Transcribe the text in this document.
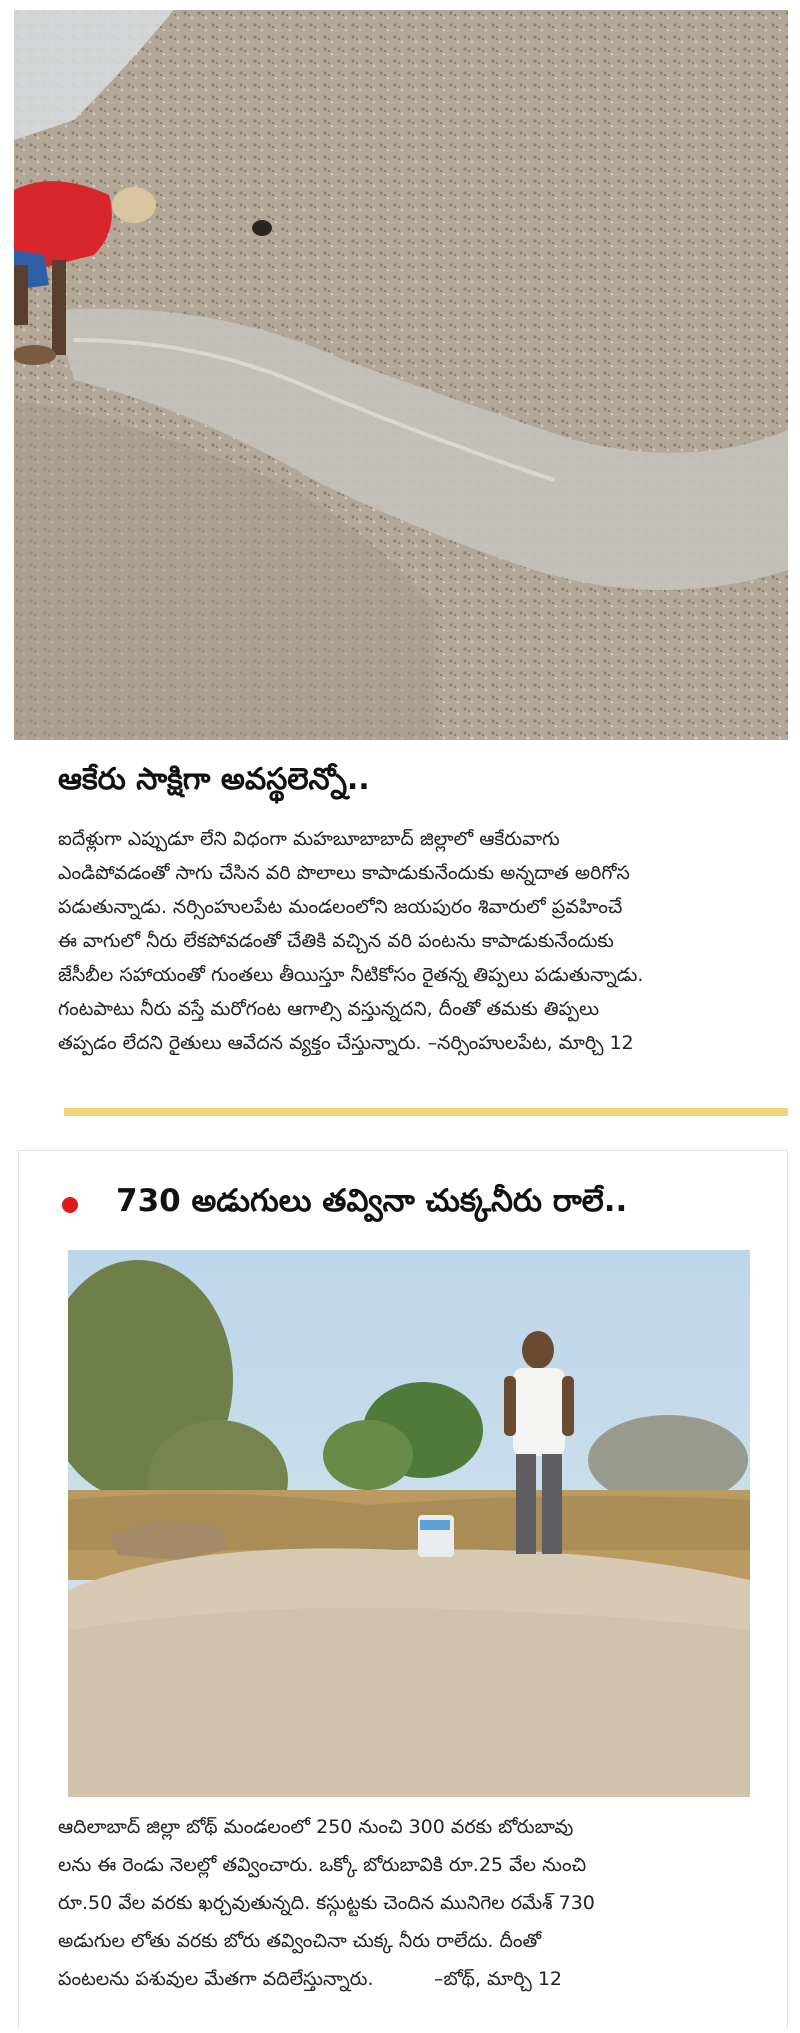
ఆకేరు సాక్షిగా అవస్థలెన్నో..

ఐదేళ్లుగా ఎప్పుడూ లేని విధంగా మహబూబాబాద్ జిల్లాలో ఆకేరువాగు

ఎండిపోవడంతో సాగు చేసిన వరి పొలాలు కాపాడుకునేందుకు అన్నదాత అరిగోస

పడుతున్నాడు. నర్సింహులపేట మండలంలోని జయపురం శివారులో ప్రవహించే

ఈ వాగులో నీరు లేకపోవడంతో చేతికి వచ్చిన వరి పంటను కాపాడుకునేందుకు

జేసీబీల సహాయంతో గుంతలు తీయిస్తూ నీటికోసం రైతన్న తిప్పలు పడుతున్నాడు.

గంటపాటు నీరు వస్తే మరోగంట ఆగాల్సి వస్తున్నదని, దీంతో తమకు తిప్పలు

తప్పడం లేదని రైతులు ఆవేదన వ్యక్తం చేస్తున్నారు. –నర్సింహులపేట, మార్చి 12

730 అడుగులు తవ్వినా చుక్కనీరు రాలే..

ఆదిలాబాద్ జిల్లా బోథ్ మండలంలో 250 నుంచి 300 వరకు బోరుబావు

లను ఈ రెండు నెలల్లో తవ్వించారు. ఒక్కో బోరుబావికి రూ.25 వేల నుంచి

రూ.50 వేల వరకు ఖర్చవుతున్నది. కస్గుట్టకు చెందిన మునిగెల రమేశ్ 730

అడుగుల లోతు వరకు బోరు తవ్వించినా చుక్క నీరు రాలేదు. దీంతో

పంటలను పశువుల మేతగా వదిలేస్తున్నారు.          –బోథ్, మార్చి 12
